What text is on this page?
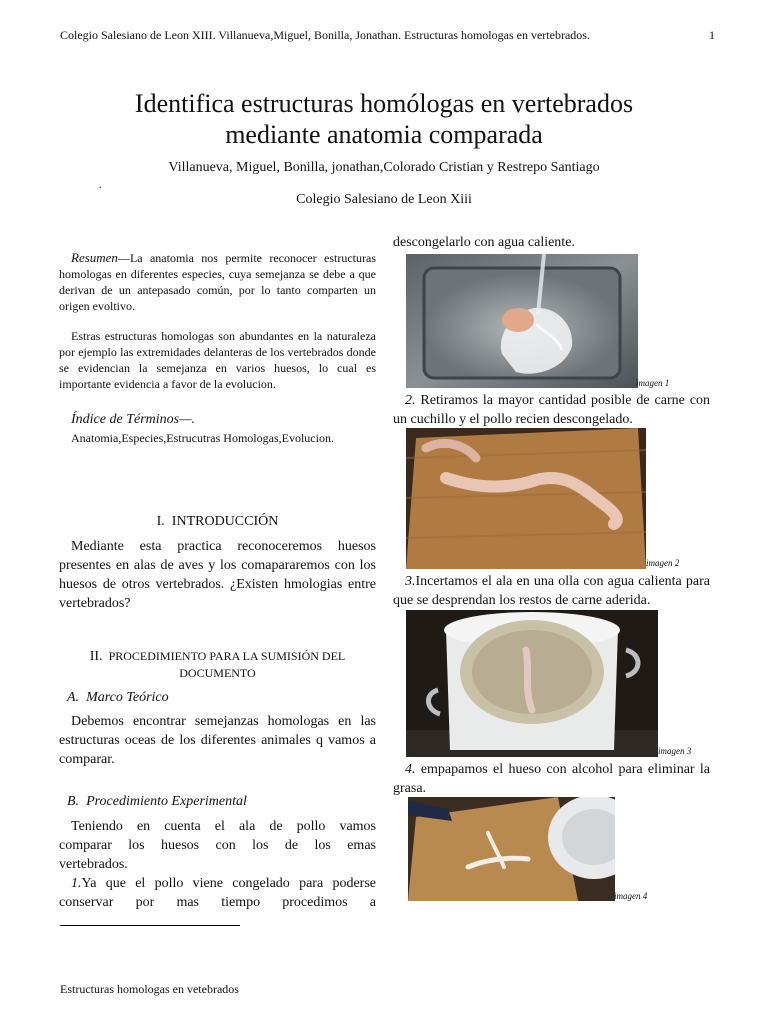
Colegio Salesiano de Leon XIII. Villanueva,Miguel, Bonilla, Jonathan. Estructuras homologas en vertebrados.	1
Identifica estructuras homólogas en vertebrados
mediante anatomia comparada
Villanueva, Miguel, Bonilla, jonathan,Colorado Cristian y Restrepo Santiago
.
Colegio Salesiano de Leon Xiii

Resumen—La anatomia nos permite reconocer estructuras homologas en diferentes especies, cuya semejanza se debe a que derivan de un antepasado común, por lo tanto comparten un origen evoltivo.

Estras estructuras homologas son abundantes en la naturaleza por ejemplo las extremidades delanteras de los vertebrados donde se evidencian la semejanza en varios huesos, lo cual es importante evidencia a favor de la evolucion.

Índice de Términos—.
Anatomia,Especies,Estrucutras Homologas,Evolucion.
I. INTRODUCCIÓN
Mediante esta practica reconoceremos huesos presentes en alas de aves y los comapararemos con los huesos de otros vertebrados. ¿Existen hmologias entre vertebrados?
II. PROCEDIMIENTO PARA LA SUMISIÓN DEL
DOCUMENTO
A. Marco Teórico
Debemos encontrar semejanzas homologas en las estructuras oceas de los diferentes animales q vamos a comparar.
B. Procedimiento Experimental
Teniendo en cuenta el ala de pollo vamos
comparar los huesos con los de los emas
vertebrados.
1.Ya que el pollo viene congelado para poderse
conservar por mas tiempo procedimos a
Estructuras homologas en vetebrados
descongelarlo con agua caliente.
2. Retiramos la mayor cantidad posible de carne con un cuchillo y el pollo recien descongelado.
3.Incertamos el ala en una olla con agua calienta para que se desprendan los restos de carne aderida.
4. empapamos el hueso con alcohol para eliminar la grasa.
imagen 1
imagen 2
imagen 3
imagen 4
